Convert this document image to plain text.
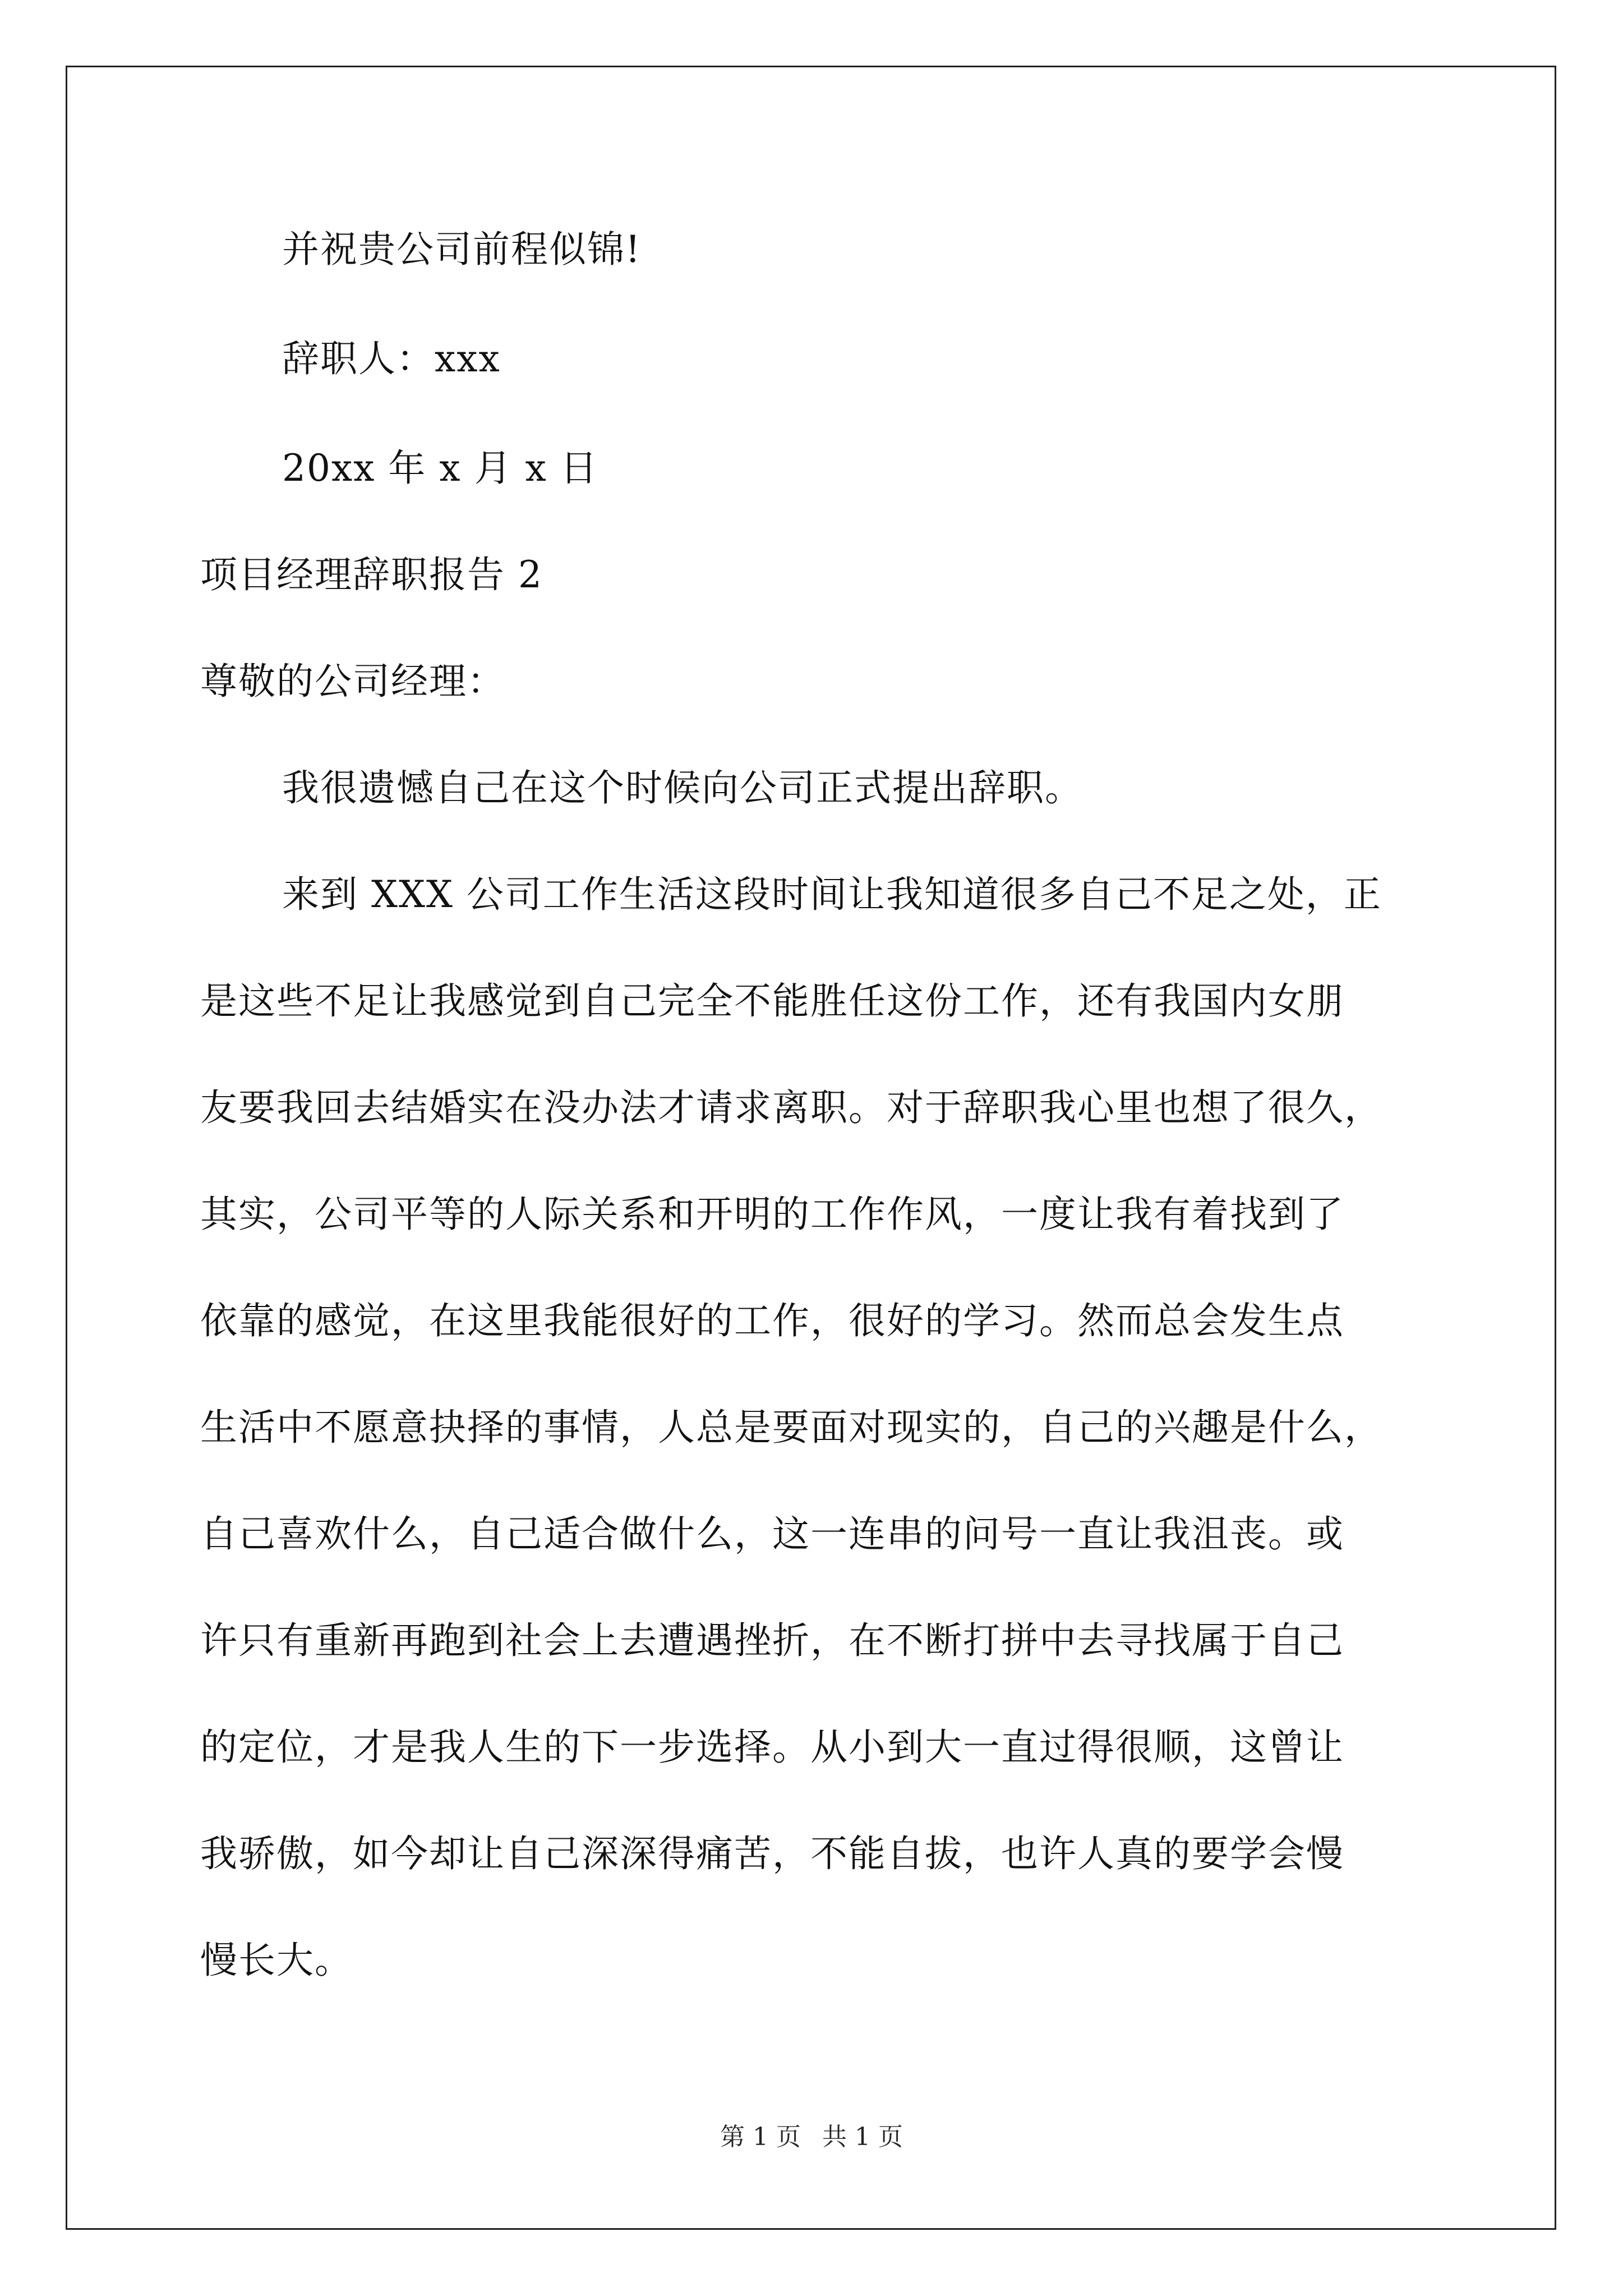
并祝贵公司前程似锦!
辞职人：xxx
20xx 年 x 月 x 日
项目经理辞职报告 2
尊敬的公司经理：
我很遗憾自己在这个时候向公司正式提出辞职。
来到 XXX 公司工作生活这段时间让我知道很多自己不足之处，正
是这些不足让我感觉到自己完全不能胜任这份工作，还有我国内女朋
友要我回去结婚实在没办法才请求离职。对于辞职我心里也想了很久，
其实，公司平等的人际关系和开明的工作作风，一度让我有着找到了
依靠的感觉，在这里我能很好的工作，很好的学习。然而总会发生点
生活中不愿意抉择的事情，人总是要面对现实的，自己的兴趣是什么，
自己喜欢什么，自己适合做什么，这一连串的问号一直让我沮丧。或
许只有重新再跑到社会上去遭遇挫折，在不断打拼中去寻找属于自己
的定位，才是我人生的下一步选择。从小到大一直过得很顺，这曾让
我骄傲，如今却让自己深深得痛苦，不能自拔，也许人真的要学会慢
慢长大。
第 1 页 共 1 页
